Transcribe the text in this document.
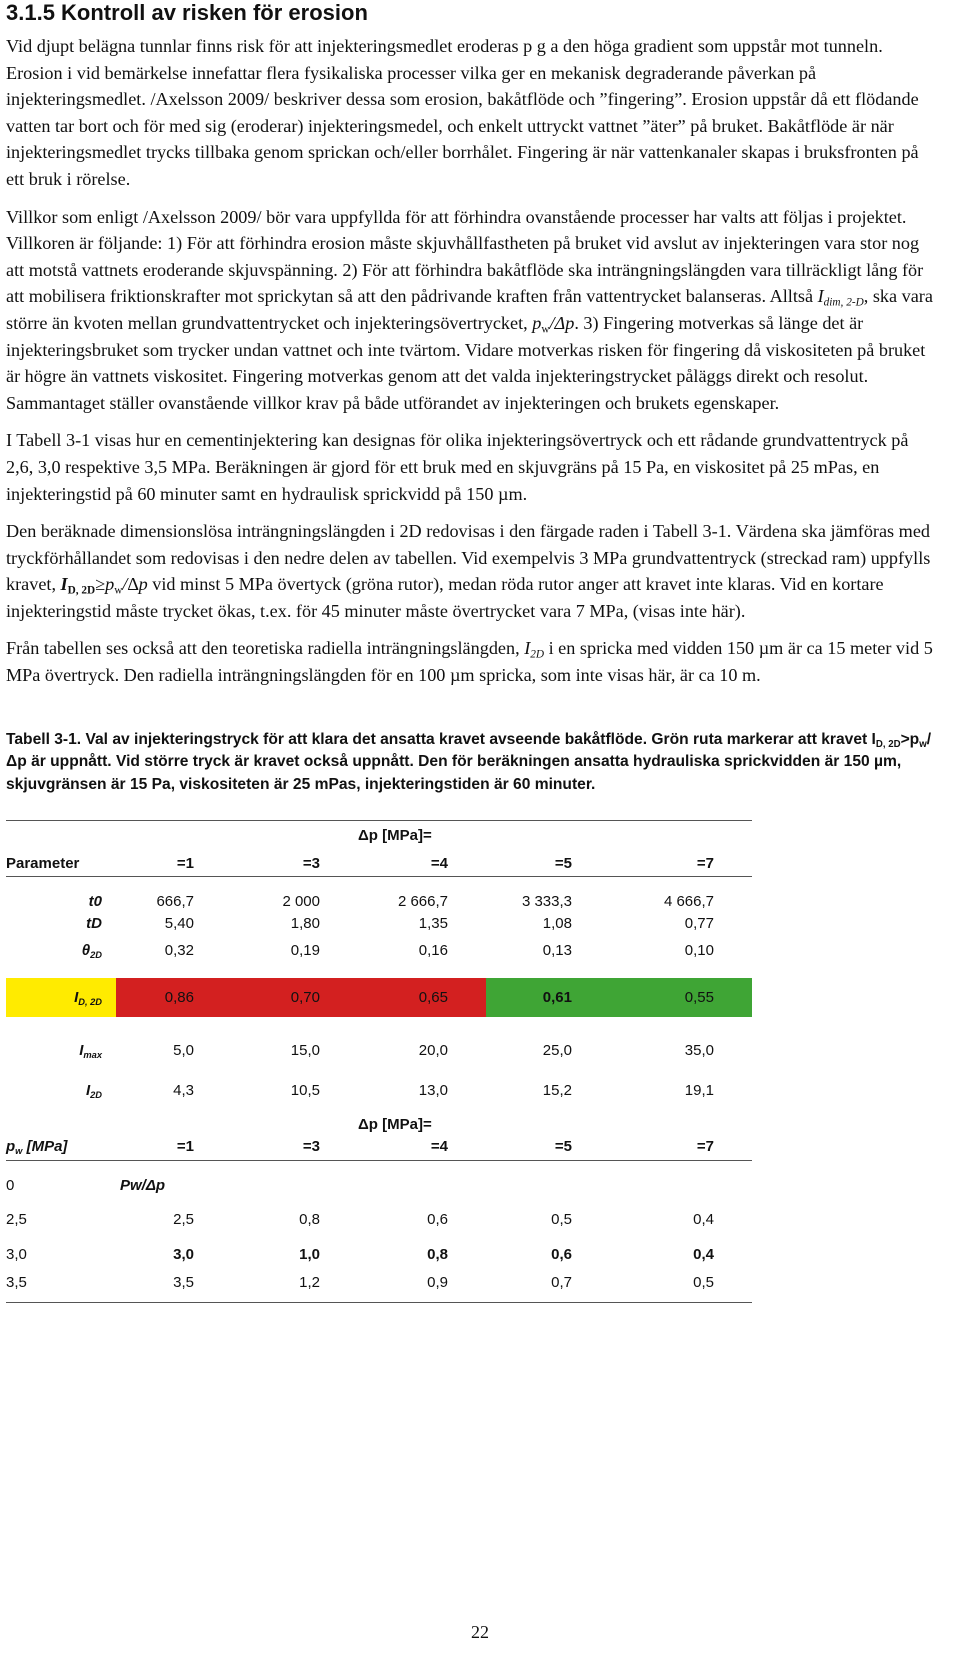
3.1.5 Kontroll av risken för erosion

Vid djupt belägna tunnlar finns risk för att injekteringsmedlet eroderas p g a den höga gradient som uppstår mot tunneln. Erosion i vid bemärkelse innefattar flera fysikaliska processer vilka ger en mekanisk degraderande påverkan på injekteringsmedlet. /Axelsson 2009/ beskriver dessa som erosion, bakåtflöde och ”fingering”. Erosion uppstår då ett flödande vatten tar bort och för med sig (eroderar) injekteringsmedel, och enkelt uttryckt vattnet ”äter” på bruket. Bakåtflöde är när injekteringsmedlet trycks tillbaka genom sprickan och/eller borrhålet. Fingering är när vattenkanaler skapas i bruksfronten på ett bruk i rörelse.

Villkor som enligt /Axelsson 2009/ bör vara uppfyllda för att förhindra ovanstående processer har valts att följas i projektet. Villkoren är följande: 1) För att förhindra erosion måste skjuvhållfastheten på bruket vid avslut av injekteringen vara stor nog att motstå vattnets eroderande skjuvspänning. 2) För att förhindra bakåtflöde ska inträngningslängden vara tillräckligt lång för att mobilisera friktionskrafter mot sprickytan så att den pådrivande kraften från vattentrycket balanseras. Alltså $I_{dim, 2-D}$, ska vara större än kvoten mellan grundvattentrycket och injekteringsövertrycket, $p_w/\Delta p$. 3) Fingering motverkas så länge det är injekteringsbruket som trycker undan vattnet och inte tvärtom. Vidare motverkas risken för fingering då viskositeten på bruket är högre än vattnets viskositet. Fingering motverkas genom att det valda injekteringstrycket påläggs direkt och resolut. Sammantaget ställer ovanstående villkor krav på både utförandet av injekteringen och brukets egenskaper.

I Tabell 3-1 visas hur en cementinjektering kan designas för olika injekteringsövertryck och ett rådande grundvattentryck på 2,6, 3,0 respektive 3,5 MPa. Beräkningen är gjord för ett bruk med en skjuvgräns på 15 Pa, en viskositet på 25 mPas, en injekteringstid på 60 minuter samt en hydraulisk sprickvidd på 150 µm.

Den beräknade dimensionslösa inträngningslängden i 2D redovisas i den färgade raden i Tabell 3-1. Värdena ska jämföras med tryckförhållandet som redovisas i den nedre delen av tabellen. Vid exempelvis 3 MPa grundvattentryck (streckad ram) uppfylls kravet, $I_{D, 2D}\ge p_w/\Delta p$ vid minst 5 MPa övertyck (gröna rutor), medan röda rutor anger att kravet inte klaras. Vid en kortare injekteringstid måste trycket ökas, t.ex. för 45 minuter måste övertrycket vara 7 MPa, (visas inte här).

Från tabellen ses också att den teoretiska radiella inträngningslängden, $I_{2D}$ i en spricka med vidden 150 µm är ca 15 meter vid 5 MPa övertryck. Den radiella inträngningslängden för en 100 µm spricka, som inte visas här, är ca 10 m.

Tabell 3-1. Val av injekteringstryck för att klara det ansatta kravet avseende bakåtflöde. Grön ruta markerar att kravet $I_{D, 2D}>p_w/\Delta p$ är uppnått. Vid större tryck är kravet också uppnått. Den för beräkningen ansatta hydrauliska sprickvidden är 150 µm, skjuvgränsen är 15 Pa, viskositeten är 25 mPas, injekteringstiden är 60 minuter.

			Δp [MPa]=		
Parameter	=1	=3	=4	=5	=7
t0	666,7	2 000	2 666,7	3 333,3	4 666,7
tD	5,40	1,80	1,35	1,08	0,77
$\theta_{2D}$	0,32	0,19	0,16	0,13	0,10

$I_{D, 2D}$	0,86	0,70	0,65	0,61	0,55
$I_{max}$	5,0	15,0	20,0	25,0	35,0
$I_{2D}$	4,3	10,5	13,0	15,2	19,1
			Δp [MPa]=		
$p_w$ [MPa]	=1	=3	=4	=5	=7
0	Pw/Δp				
2,5	2,5	0,8	0,6	0,5	0,4
3,0	3,0	1,0	0,8	0,6	0,4
3,5	3,5	1,2	0,9	0,7	0,5
22
